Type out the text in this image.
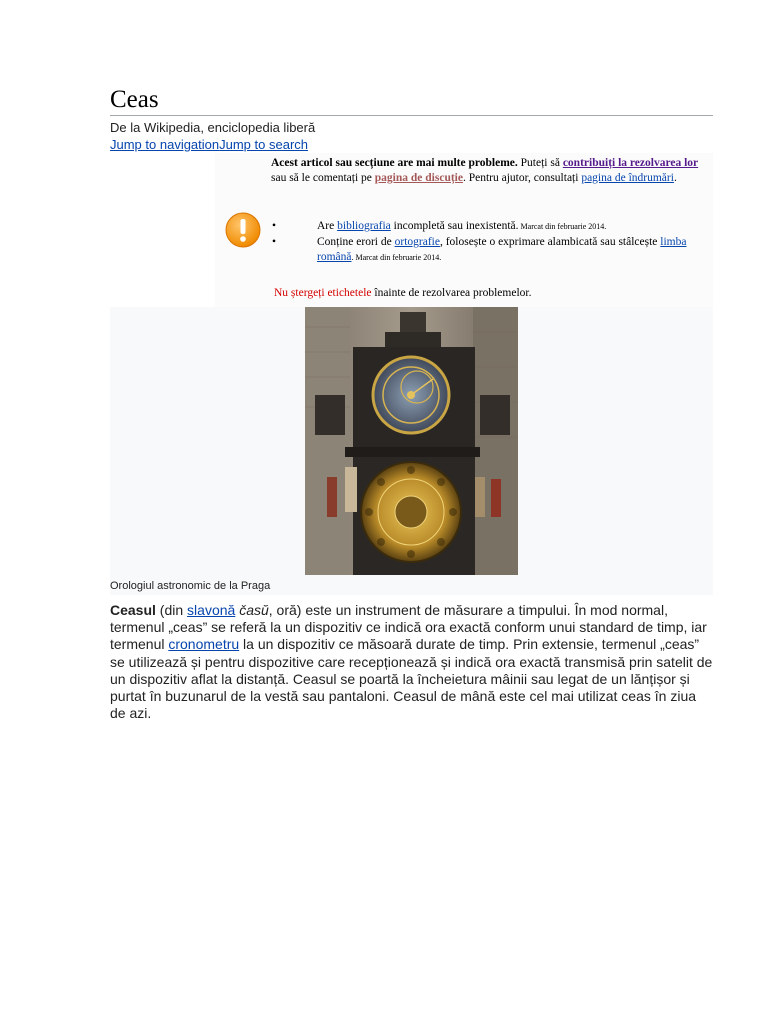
Ceas
De la Wikipedia, enciclopedia liberă
Jump to navigationJump to search
Acest articol sau secțiune are mai multe probleme. Puteți să contribuiți la rezolvarea lor sau să le comentați pe pagina de discuție. Pentru ajutor, consultați pagina de îndrumări.
•	Are bibliografia incompletă sau inexistentă. Marcat din februarie 2014.
•	Conține erori de ortografie, folosește o exprimare alambicată sau stâlcește limba română. Marcat din februarie 2014.
Nu ștergeți etichetele înainte de rezolvarea problemelor.
Orologiul astronomic de la Praga
Ceasul (din slavonă časŭ, oră) este un instrument de măsurare a timpului. În mod normal, termenul „ceas” se referă la un dispozitiv ce indică ora exactă conform unui standard de timp, iar termenul cronometru la un dispozitiv ce măsoară durate de timp. Prin extensie, termenul „ceas” se utilizează și pentru dispozitive care recepționează și indică ora exactă transmisă prin satelit de un dispozitiv aflat la distanță. Ceasul se poartă la încheietura mâinii sau legat de un lănțișor și purtat în buzunarul de la vestă sau pantaloni. Ceasul de mână este cel mai utilizat ceas în ziua de azi.
